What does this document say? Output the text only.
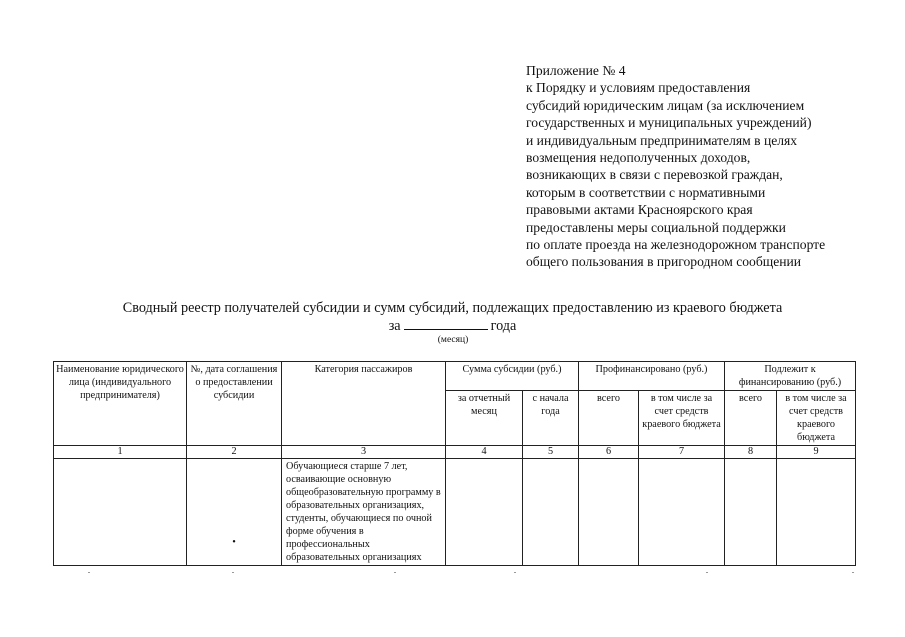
Приложение № 4
к Порядку и условиям предоставления
субсидий юридическим лицам (за исключением
государственных и муниципальных учреждений)
и индивидуальным предпринимателям в целях
возмещения недополученных доходов,
возникающих в связи с перевозкой граждан,
которым в соответствии с нормативными
правовыми актами Красноярского края
предоставлены меры социальной поддержки
по оплате проезда на железнодорожном транспорте
общего пользования в пригородном сообщении
Сводный реестр получателей субсидии и сумм субсидий, подлежащих предоставлению из краевого бюджета
за	года
(месяц)
Наименование юридического лица (индивидуального предпринимателя)	№, дата соглашения о предоставлении субсидии	Категория пассажиров	Сумма субсидии (руб.)		Профинансировано (руб.)		Подлежит к финансированию (руб.)	
			за отчетный месяц	с начала года	всего	в том числе за счет средств краевого бюджета	всего	в том числе за счет средств краевого бюджета
1	2	3	4	5	6	7	8	9
	•	Обучающиеся старше 7 лет, осваивающие основную общеобразовательную программу в образовательных организациях, студенты, обучающиеся по очной форме обучения в профессиональных образовательных организациях						
